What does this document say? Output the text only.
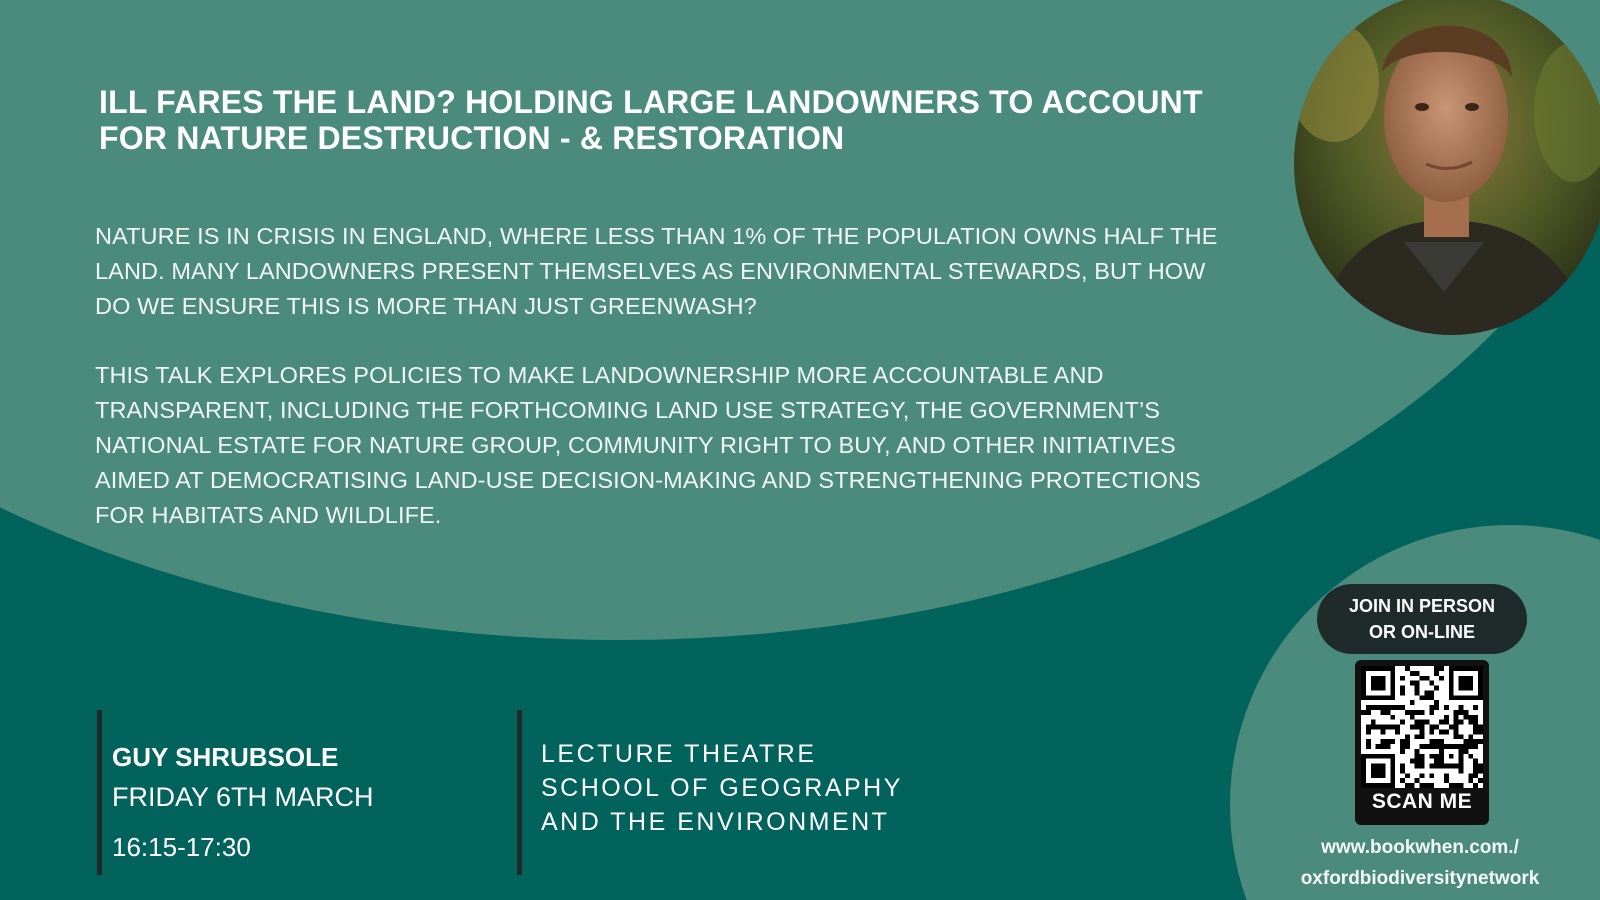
ILL FARES THE LAND? HOLDING LARGE LANDOWNERS TO ACCOUNT
FOR NATURE DESTRUCTION - & RESTORATION
NATURE IS IN CRISIS IN ENGLAND, WHERE LESS THAN 1% OF THE POPULATION OWNS HALF THE
LAND. MANY LANDOWNERS PRESENT THEMSELVES AS ENVIRONMENTAL STEWARDS, BUT HOW
DO WE ENSURE THIS IS MORE THAN JUST GREENWASH?
THIS TALK EXPLORES POLICIES TO MAKE LANDOWNERSHIP MORE ACCOUNTABLE AND
TRANSPARENT, INCLUDING THE FORTHCOMING LAND USE STRATEGY, THE GOVERNMENT’S
NATIONAL ESTATE FOR NATURE GROUP, COMMUNITY RIGHT TO BUY, AND OTHER INITIATIVES
AIMED AT DEMOCRATISING LAND-USE DECISION-MAKING AND STRENGTHENING PROTECTIONS
FOR HABITATS AND WILDLIFE.
GUY SHRUBSOLE
FRIDAY 6TH MARCH
16:15-17:30
LECTURE THEATRE
SCHOOL OF GEOGRAPHY
AND THE ENVIRONMENT
JOIN IN PERSON
OR ON-LINE
SCAN ME
www.bookwhen.com./
oxfordbiodiversitynetwork
